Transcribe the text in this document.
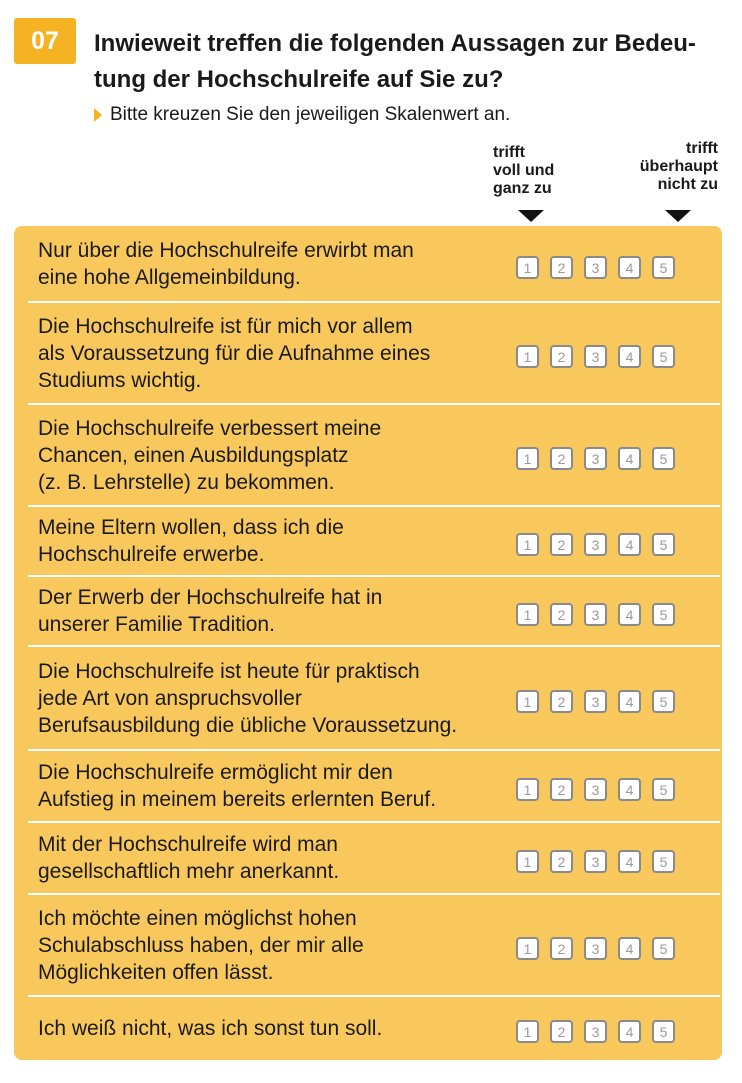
07	Inwieweit treffen die folgenden Aussagen zur Bedeu-
tung der Hochschulreife auf Sie zu?
Bitte kreuzen Sie den jeweiligen Skalenwert an.
trifft
voll und
ganz zu
trifft
überhaupt
nicht zu
Nur über die Hochschulreife erwirbt man
eine hohe Allgemeinbildung.	1	2	3	4	5
Die Hochschulreife ist für mich vor allem
als Voraussetzung für die Aufnahme eines
Studiums wichtig.
1	2	3	4	5
Die Hochschulreife verbessert meine
Chancen, einen Ausbildungsplatz
(z. B. Lehrstelle) zu bekommen.
1	2	3	4	5
Meine Eltern wollen, dass ich die
Hochschulreife erwerbe.	1	2	3	4	5
Der Erwerb der Hochschulreife hat in
unserer Familie Tradition.	1	2	3	4	5
Die Hochschulreife ist heute für praktisch
jede Art von anspruchsvoller
Berufsausbildung die übliche Voraussetzung.
1	2	3	4	5
Die Hochschulreife ermöglicht mir den
Aufstieg in meinem bereits erlernten Beruf.	1	2	3	4	5
Mit der Hochschulreife wird man
gesellschaftlich mehr anerkannt.	1	2	3	4	5
Ich möchte einen möglichst hohen
Schulabschluss haben, der mir alle
Möglichkeiten offen lässt.
1	2	3	4	5
Ich weiß nicht, was ich sonst tun soll.	1	2	3	4	5
